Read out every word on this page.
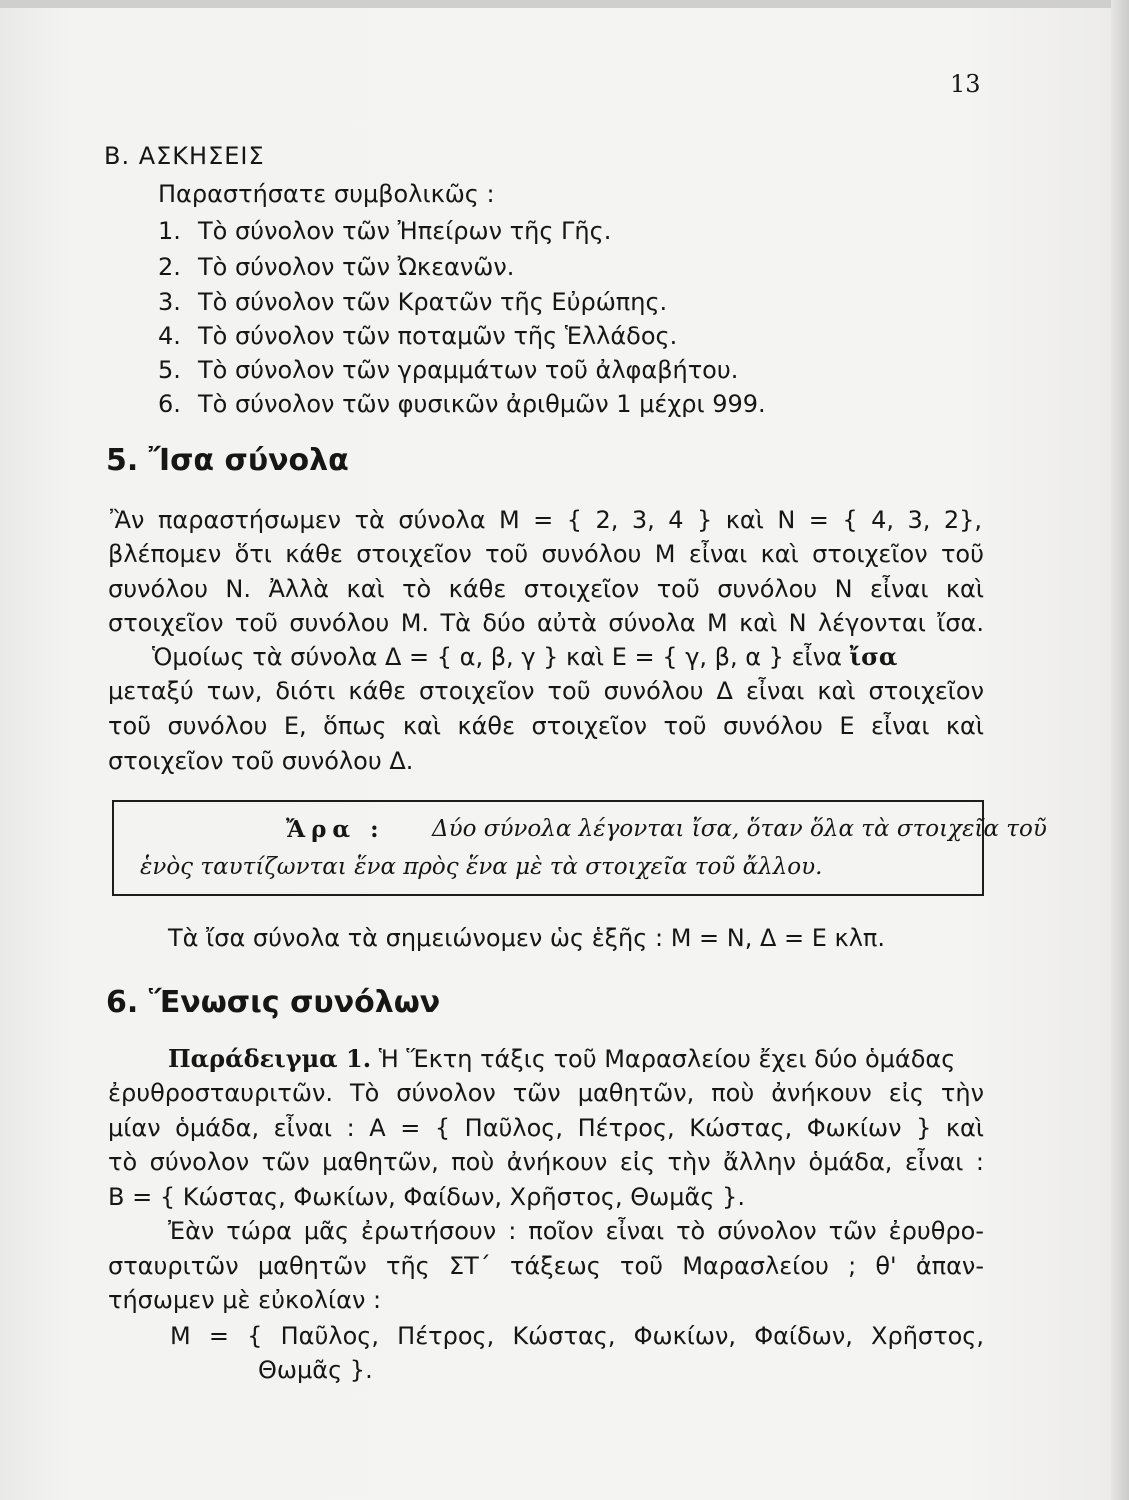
13
Β. ΑΣΚΗΣΕΙΣ
Παραστήσατε συμβολικῶς :
1. Τὸ σύνολον τῶν Ἠπείρων τῆς Γῆς.
2. Τὸ σύνολον τῶν Ὠκεανῶν.
3. Τὸ σύνολον τῶν Κρατῶν τῆς Εὐρώπης.
4. Τὸ σύνολον τῶν ποταμῶν τῆς Ἑλλάδος.
5. Τὸ σύνολον τῶν γραμμάτων τοῦ ἀλφαβήτου.
6. Τὸ σύνολον τῶν φυσικῶν ἀριθμῶν 1 μέχρι 999.
5. Ἴσα σύνολα
Ἂν παραστήσωμεν τὰ σύνολα Μ = { 2, 3, 4 } καὶ Ν = { 4, 3, 2},
βλέπομεν ὅτι κάθε στοιχεῖον τοῦ συνόλου Μ εἶναι καὶ στοιχεῖον τοῦ
συνόλου Ν. Ἀλλὰ καὶ τὸ κάθε στοιχεῖον τοῦ συνόλου Ν εἶναι καὶ
στοιχεῖον τοῦ συνόλου Μ. Τὰ δύο αὐτὰ σύνολα Μ καὶ Ν λέγονται ἴσα.
Ὁμοίως τὰ σύνολα Δ = { α, β, γ } καὶ Ε = { γ, β, α } εἶνα ἴσα
μεταξύ των, διότι κάθε στοιχεῖον τοῦ συνόλου Δ εἶναι καὶ στοιχεῖον
τοῦ συνόλου Ε, ὅπως καὶ κάθε στοιχεῖον τοῦ συνόλου Ε εἶναι καὶ
στοιχεῖον τοῦ συνόλου Δ.
Ἄρα : Δύο σύνολα λέγονται ἴσα, ὅταν ὅλα τὰ στοιχεῖα τοῦ
ἑνὸς ταυτίζωνται ἕνα πρὸς ἕνα μὲ τὰ στοιχεῖα τοῦ ἄλλου.
Τὰ ἴσα σύνολα τὰ σημειώνομεν ὡς ἑξῆς : Μ = Ν, Δ = Ε κλπ.
6. Ἕνωσις συνόλων
Παράδειγμα 1. Ἡ Ἕκτη τάξις τοῦ Μαρασλείου ἔχει δύο ὁμάδας
ἐρυθροσταυριτῶν. Τὸ σύνολον τῶν μαθητῶν, ποὺ ἀνήκουν εἰς τὴν
μίαν ὁμάδα, εἶναι : Α = { Παῦλος, Πέτρος, Κώστας, Φωκίων } καὶ
τὸ σύνολον τῶν μαθητῶν, ποὺ ἀνήκουν εἰς τὴν ἄλλην ὁμάδα, εἶναι :
Β = { Κώστας, Φωκίων, Φαίδων, Χρῆστος, Θωμᾶς }.
Ἐὰν τώρα μᾶς ἐρωτήσουν : ποῖον εἶναι τὸ σύνολον τῶν ἐρυθρο-
σταυριτῶν μαθητῶν τῆς ΣΤ΄ τάξεως τοῦ Μαρασλείου ; θ' ἀπαν-
τήσωμεν μὲ εὐκολίαν :
Μ = { Παῦλος, Πέτρος, Κώστας, Φωκίων, Φαίδων, Χρῆστος,
Θωμᾶς }.
